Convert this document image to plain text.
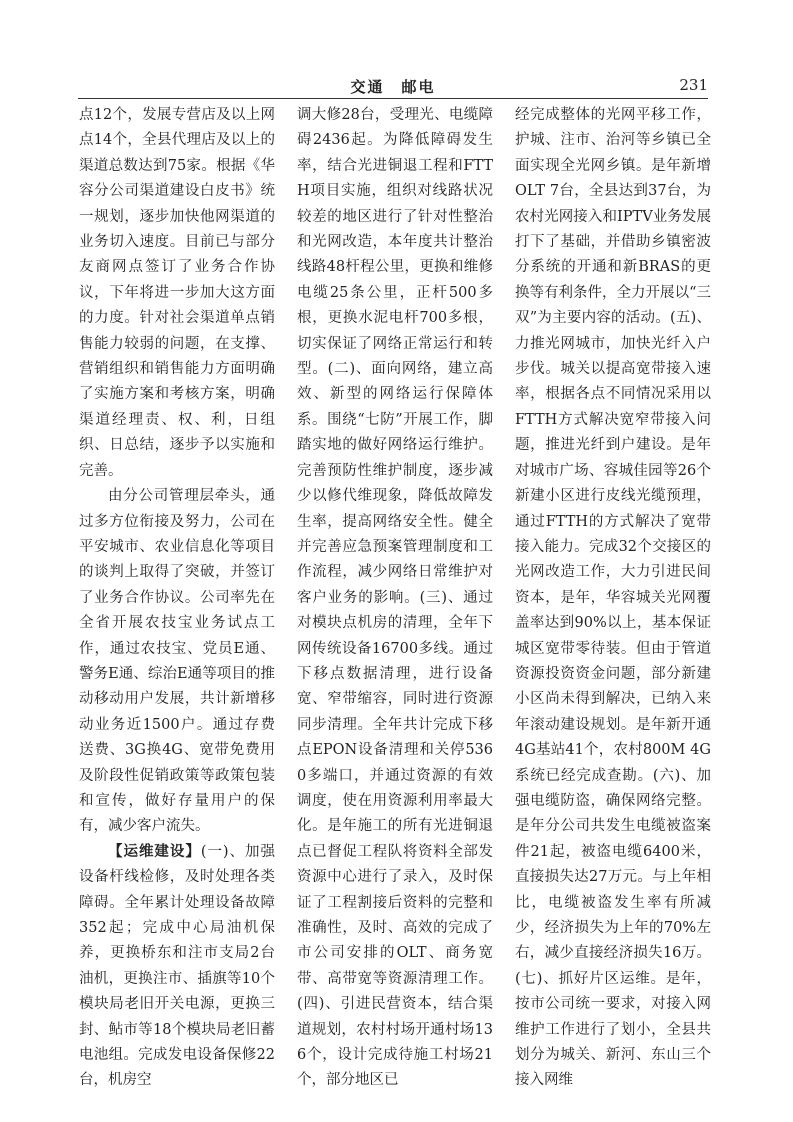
交通　邮电	231

点12个，发展专营店及以上网点14个，全县代理店及以上的渠道总数达到75家。根据《华容分公司渠道建设白皮书》统一规划，逐步加快他网渠道的业务切入速度。目前已与部分友商网点签订了业务合作协议，下年将进一步加大这方面的力度。针对社会渠道单点销售能力较弱的问题，在支撑、营销组织和销售能力方面明确了实施方案和考核方案，明确渠道经理责、权、利，日组织、日总结，逐步予以实施和完善。

由分公司管理层牵头，通过多方位衔接及努力，公司在平安城市、农业信息化等项目的谈判上取得了突破，并签订了业务合作协议。公司率先在全省开展农技宝业务试点工作，通过农技宝、党员E通、警务E通、综治E通等项目的推动移动用户发展，共计新增移动业务近1500户。通过存费送费、3G换4G、宽带免费用及阶段性促销政策等政策包装和宣传，做好存量用户的保有，减少客户流失。

【运维建设】(一)、加强设备杆线检修，及时处理各类障碍。全年累计处理设备故障352起；完成中心局油机保养，更换桥东和注市支局2台油机，更换注市、插旗等10个模块局老旧开关电源，更换三封、鲇市等18个模块局老旧蓄电池组。完成发电设备保修22台，机房空

调大修28台，受理光、电缆障碍2436起。为降低障碍发生率，结合光进铜退工程和FTTH项目实施，组织对线路状况较差的地区进行了针对性整治和光网改造，本年度共计整治线路48杆程公里，更换和维修电缆25条公里，正杆500多根，更换水泥电杆700多根，切实保证了网络正常运行和转型。(二)、面向网络，建立高效、新型的网络运行保障体系。围绕“七防”开展工作，脚踏实地的做好网络运行维护。完善预防性维护制度，逐步减少以修代维现象，降低故障发生率，提高网络安全性。健全并完善应急预案管理制度和工作流程，减少网络日常维护对客户业务的影响。(三)、通过对模块点机房的清理，全年下网传统设备16700多线。通过下移点数据清理，进行设备宽、窄带缩容，同时进行资源同步清理。全年共计完成下移点EPON设备清理和关停5360多端口，并通过资源的有效调度，使在用资源利用率最大化。是年施工的所有光进铜退点已督促工程队将资料全部发资源中心进行了录入，及时保证了工程割接后资料的完整和准确性，及时、高效的完成了市公司安排的OLT、商务宽带、高带宽等资源清理工作。(四)、引进民营资本，结合渠道规划，农村村场开通村场136个，设计完成待施工村场21个，部分地区已

经完成整体的光网平移工作，护城、注市、治河等乡镇已全面实现全光网乡镇。是年新增OLT 7台，全县达到37台，为农村光网接入和IPTV业务发展打下了基础，并借助乡镇密波分系统的开通和新BRAS的更换等有利条件，全力开展以“三双”为主要内容的活动。(五)、力推光网城市，加快光纤入户步伐。城关以提高宽带接入速率，根据各点不同情况采用以FTTH方式解决宽窄带接入问题，推进光纤到户建设。是年对城市广场、容城佳园等26个新建小区进行皮线光缆预理，通过FTTH的方式解决了宽带接入能力。完成32个交接区的光网改造工作，大力引进民间资本，是年，华容城关光网覆盖率达到90%以上，基本保证城区宽带零待装。但由于管道资源投资资金问题，部分新建小区尚未得到解决，已纳入来年滚动建设规划。是年新开通4G基站41个，农村800M 4G系统已经完成查勘。(六)、加强电缆防盗，确保网络完整。是年分公司共发生电缆被盗案件21起，被盗电缆6400米，直接损失达27万元。与上年相比，电缆被盗发生率有所减少，经济损失为上年的70%左右，减少直接经济损失16万。(七)、抓好片区运维。是年，按市公司统一要求，对接入网维护工作进行了划小，全县共划分为城关、新河、东山三个接入网维
